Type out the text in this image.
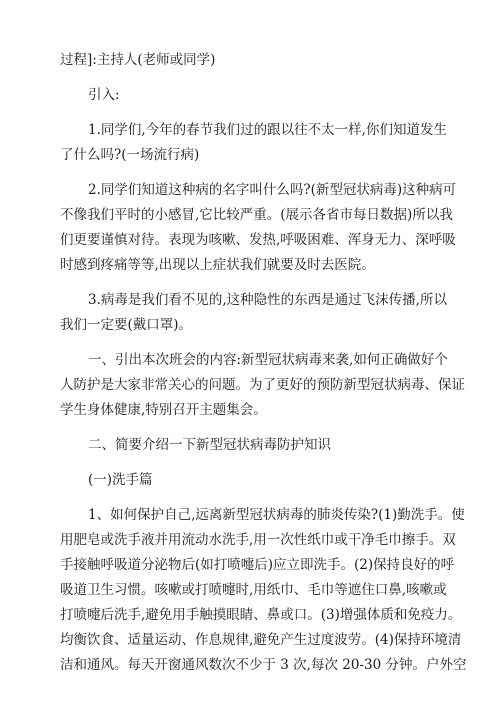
过程]:主持人(老师或同学)
引入:
1.同学们,今年的春节我们过的跟以往不太一样,你们知道发生
了什么吗?(一场流行病)
2.同学们知道这种病的名字叫什么吗?(新型冠状病毒)这种病可
不像我们平时的小感冒,它比较严重。(展示各省市每日数据)所以我
们更要谨慎对待。表现为咳嗽、发热,呼吸困难、浑身无力、深呼吸
时感到疼痛等等,出现以上症状我们就要及时去医院。
3.病毒是我们看不见的,这种隐性的东西是通过飞沫传播,所以
我们一定要(戴口罩)。
一、引出本次班会的内容:新型冠状病毒来袭,如何正确做好个
人防护是大家非常关心的问题。为了更好的预防新型冠状病毒、保证
学生身体健康,特别召开主题集会。
二、简要介绍一下新型冠状病毒防护知识
(一)洗手篇
1、如何保护自己,远离新型冠状病毒的肺炎传染?(1)勤洗手。使
用肥皂或洗手液并用流动水洗手,用一次性纸巾或干净毛巾擦手。双
手接触呼吸道分泌物后(如打喷嚏后)应立即洗手。(2)保持良好的呼
吸道卫生习惯。咳嗽或打喷嚏时,用纸巾、毛巾等遮住口鼻,咳嗽或
打喷嚏后洗手,避免用手触摸眼睛、鼻或口。(3)增强体质和免疫力。
均衡饮食、适量运动、作息规律,避免产生过度波劳。(4)保持环境清
洁和通风。每天开窗通风数次不少于 3 次,每次 20-30 分钟。户外空
